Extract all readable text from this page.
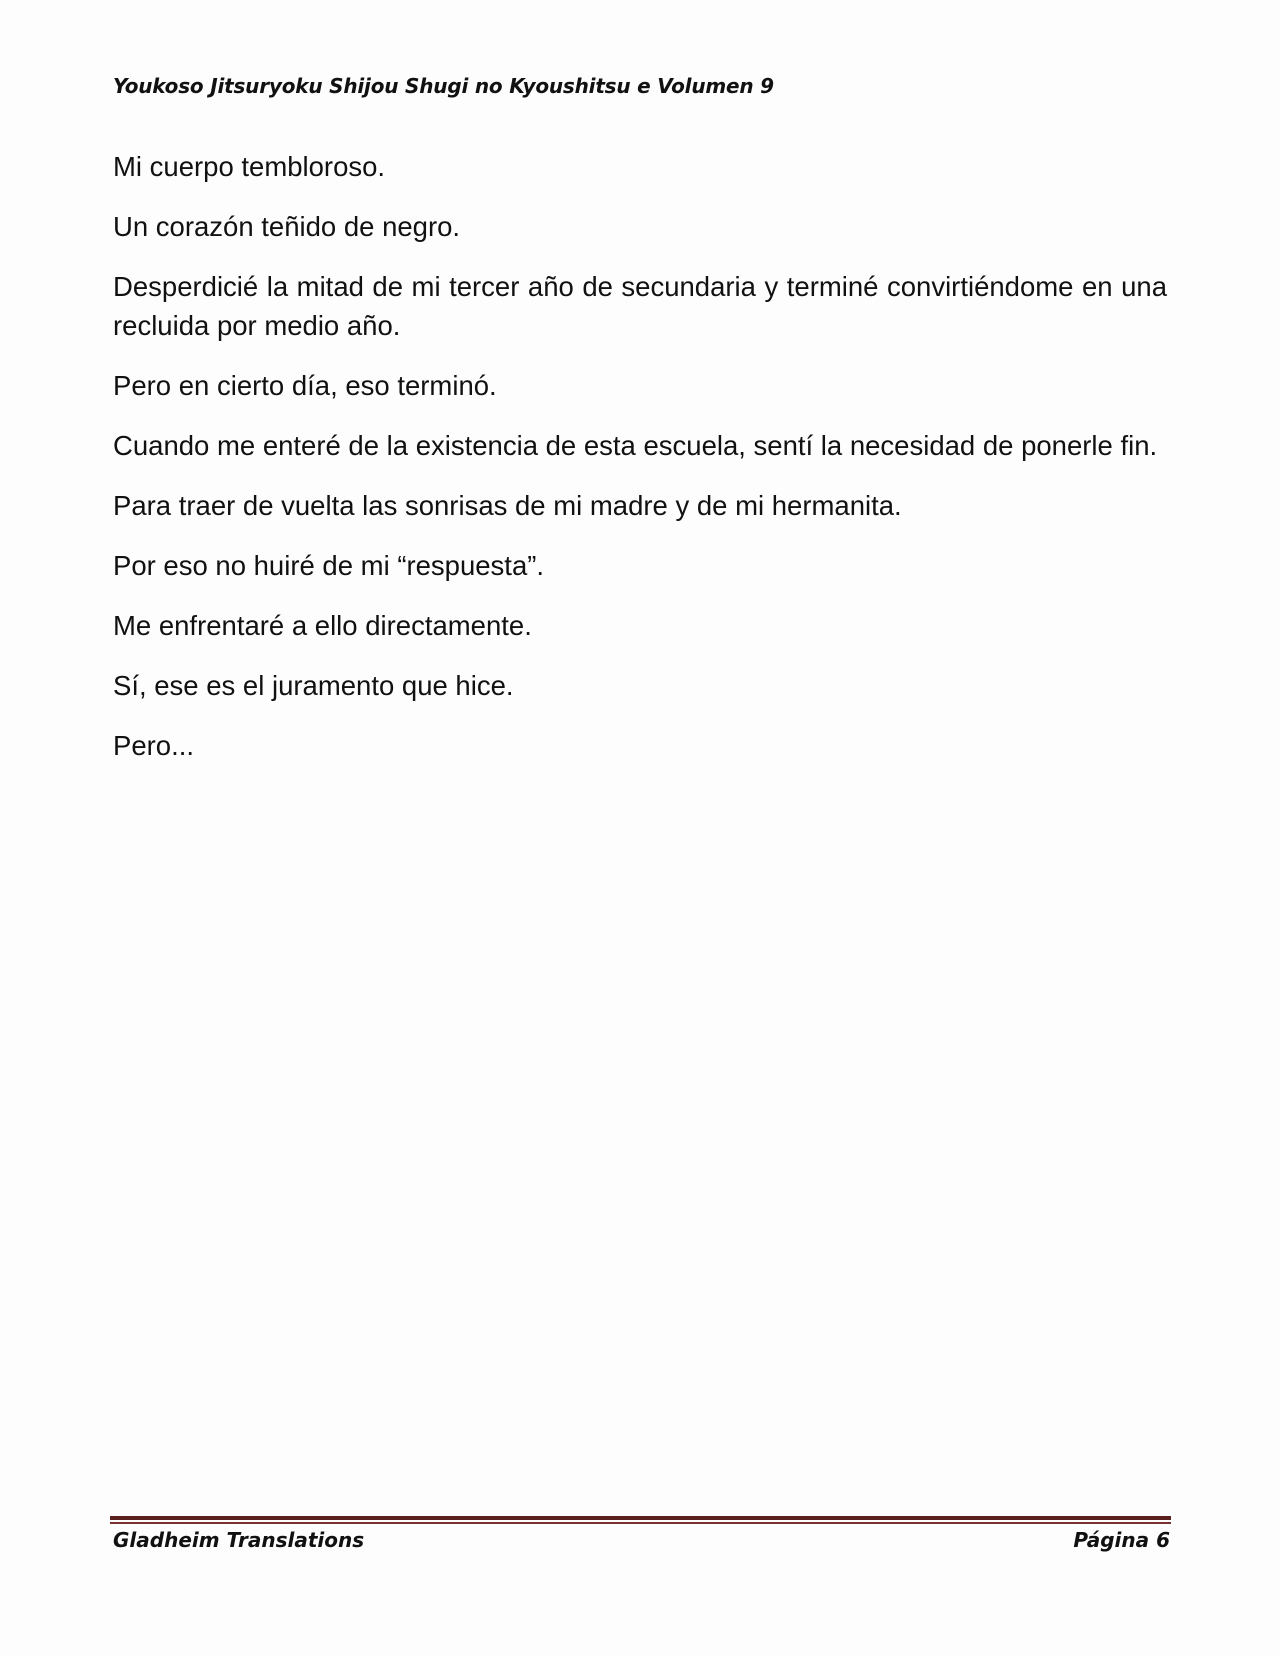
Youkoso Jitsuryoku Shijou Shugi no Kyoushitsu e Volumen 9

Mi cuerpo tembloroso.

Un corazón teñido de negro.

Desperdicié la mitad de mi tercer año de secundaria y terminé convirtiéndome en una recluida por medio año.

Pero en cierto día, eso terminó.

Cuando me enteré de la existencia de esta escuela, sentí la necesidad de ponerle fin.

Para traer de vuelta las sonrisas de mi madre y de mi hermanita.

Por eso no huiré de mi “respuesta”.

Me enfrentaré a ello directamente.

Sí, ese es el juramento que hice.

Pero...

Gladheim Translations	Página 6
